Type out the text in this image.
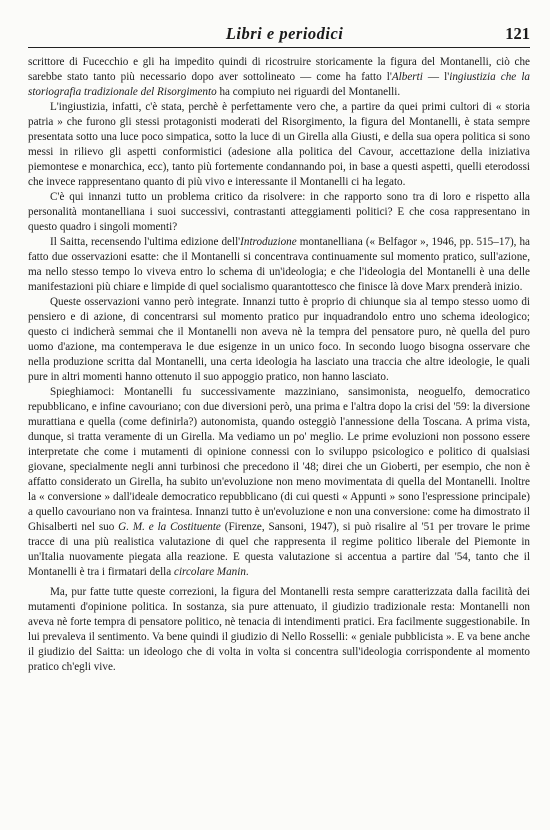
Libri e periodici	121

scrittore di Fucecchio e gli ha impedito quindi di ricostruire storicamente la figura del Montanelli, ciò che sarebbe stato tanto più necessario dopo aver sottolineato — come ha fatto l'Alberti — l'ingiustizia che la storiografia tradizionale del Risorgimento ha compiuto nei riguardi del Montanelli.

L'ingiustizia, infatti, c'è stata, perchè è perfettamente vero che, a partire da quei primi cultori di « storia patria » che furono gli stessi protagonisti moderati del Risorgimento, la figura del Montanelli, è stata sempre presentata sotto una luce poco simpatica, sotto la luce di un Girella alla Giusti, e della sua opera politica si sono messi in rilievo gli aspetti conformistici (adesione alla politica del Cavour, accettazione della iniziativa piemontese e monarchica, ecc), tanto più fortemente condannando poi, in base a questi aspetti, quelli eterodossi che invece rappresentano quanto di più vivo e interessante il Montanelli ci ha legato.

C'è qui innanzi tutto un problema critico da risolvere: in che rapporto sono tra di loro e rispetto alla personalità montanelliana i suoi successivi, contrastanti atteggiamenti politici? E che cosa rappresentano in questo quadro i singoli momenti?

Il Saitta, recensendo l'ultima edizione dell'Introduzione montanelliana (« Belfagor », 1946, pp. 515–17), ha fatto due osservazioni esatte: che il Montanelli si concentrava continuamente sul momento pratico, sull'azione, ma nello stesso tempo lo viveva entro lo schema di un'ideologia; e che l'ideologia del Montanelli è una delle manifestazioni più chiare e limpide di quel socialismo quarantottesco che finisce là dove Marx prenderà inizio.

Queste osservazioni vanno però integrate. Innanzi tutto è proprio di chiunque sia al tempo stesso uomo di pensiero e di azione, di concentrarsi sul momento pratico pur inquadrandolo entro uno schema ideologico; questo ci indicherà semmai che il Montanelli non aveva nè la tempra del pensatore puro, nè quella del puro uomo d'azione, ma contemperava le due esigenze in un unico foco. In secondo luogo bisogna osservare che nella produzione scritta dal Montanelli, una certa ideologia ha lasciato una traccia che altre ideologie, le quali pure in altri momenti hanno ottenuto il suo appoggio pratico, non hanno lasciato.

Spieghiamoci: Montanelli fu successivamente mazziniano, sansimonista, neoguelfo, democratico repubblicano, e infine cavouriano; con due diversioni però, una prima e l'altra dopo la crisi del '59: la diversione murattiana e quella (come definirla?) autonomista, quando osteggiò l'annessione della Toscana. A prima vista, dunque, si tratta veramente di un Girella. Ma vediamo un po' meglio. Le prime evoluzioni non possono essere interpretate che come i mutamenti di opinione connessi con lo sviluppo psicologico e politico di qualsiasi giovane, specialmente negli anni turbinosi che precedono il '48; direi che un Gioberti, per esempio, che non è affatto considerato un Girella, ha subito un'evoluzione non meno movimentata di quella del Montanelli. Inoltre la « conversione » dall'ideale democratico repubblicano (di cui questi « Appunti » sono l'espressione principale) a quello cavouriano non va fraintesa. Innanzi tutto è un'evoluzione e non una conversione: come ha dimostrato il Ghisalberti nel suo G. M. e la Costituente (Firenze, Sansoni, 1947), si può risalire al '51 per trovare le prime tracce di una più realistica valutazione di quel che rappresenta il regime politico liberale del Piemonte in un'Italia nuovamente piegata alla reazione. E questa valutazione si accentua a partire dal '54, tanto che il Montanelli è tra i firmatari della circolare Manin.

Ma, pur fatte tutte queste correzioni, la figura del Montanelli resta sempre caratterizzata dalla facilità dei mutamenti d'opinione politica. In sostanza, sia pure attenuato, il giudizio tradizionale resta: Montanelli non aveva nè forte tempra di pensatore politico, nè tenacia di intendimenti pratici. Era facilmente suggestionabile. In lui prevaleva il sentimento. Va bene quindi il giudizio di Nello Rosselli: « geniale pubblicista ». E va bene anche il giudizio del Saitta: un ideologo che di volta in volta si concentra sull'ideologia corrispondente al momento pratico ch'egli vive.
